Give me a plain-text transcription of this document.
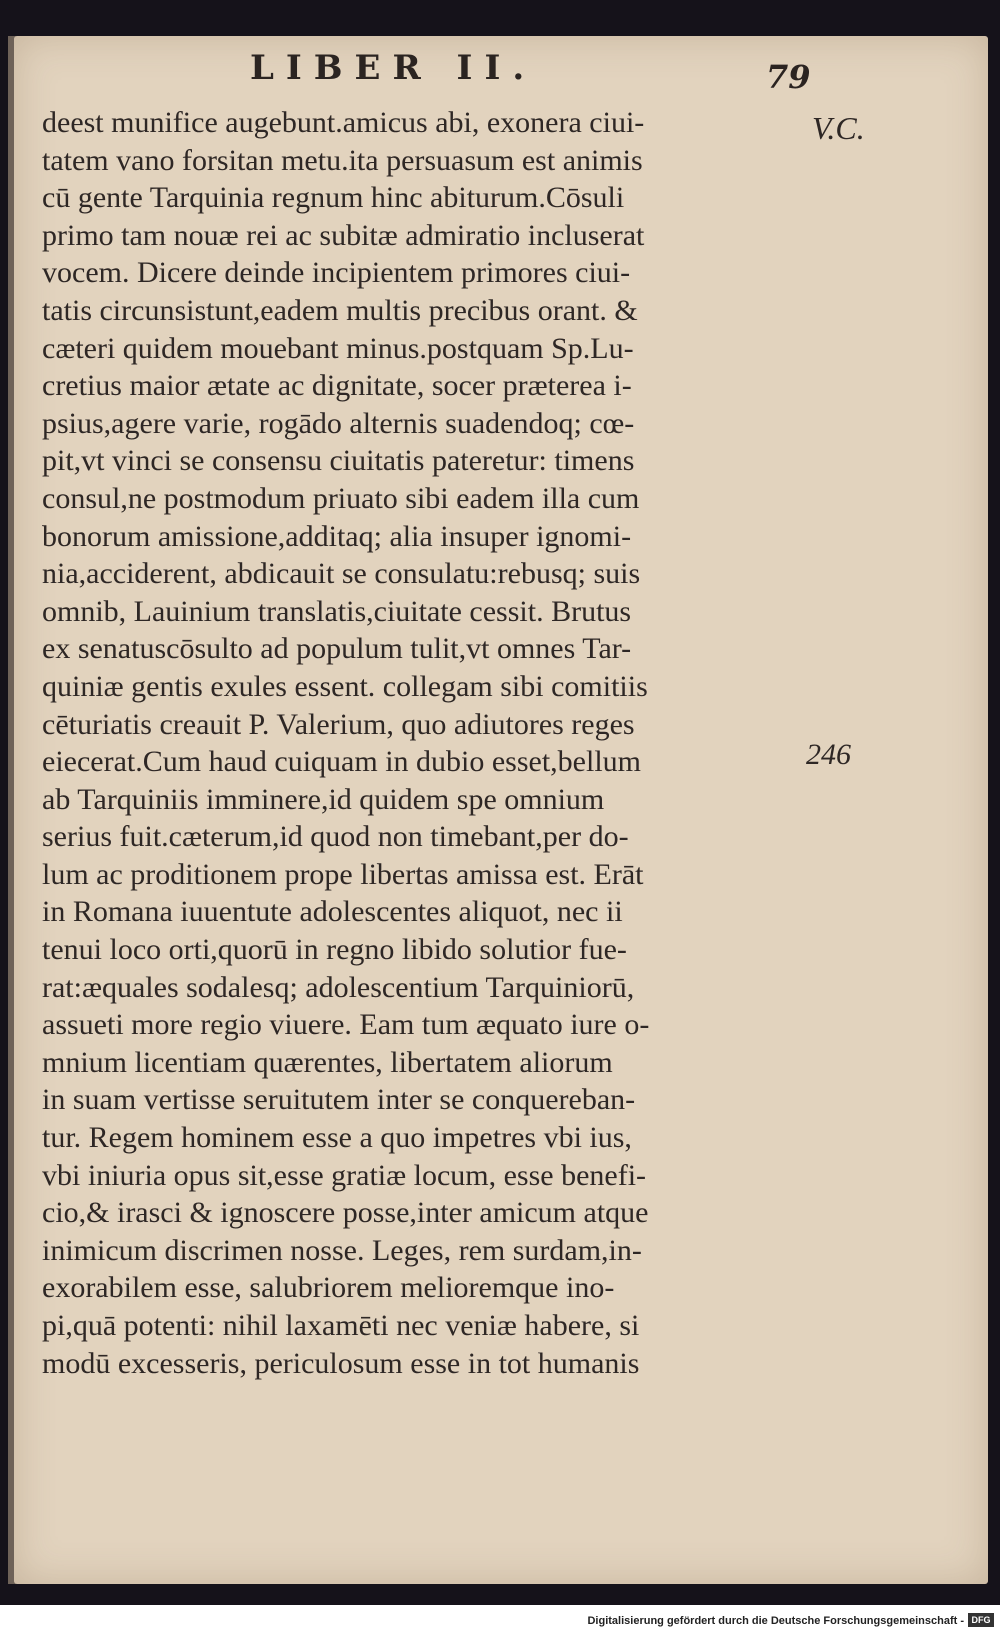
LIBER II.	79
V.C.
246
deest munifice augebunt.amicus abi, exonera ciui-
tatem vano forsitan metu.ita persuasum est animis
cū gente Tarquinia regnum hinc abiturum.Cōsuli
primo tam nouæ rei ac subitæ admiratio incluserat
vocem. Dicere deinde incipientem primores ciui-
tatis circunsistunt,eadem multis precibus orant. &
cæteri quidem mouebant minus.postquam Sp.Lu-
cretius maior ætate ac dignitate, socer præterea i-
psius,agere varie, rogādo alternis suadendoq; cœ-
pit,vt vinci se consensu ciuitatis pateretur: timens
consul,ne postmodum priuato sibi eadem illa cum
bonorum amissione,additaq; alia insuper ignomi-
nia,acciderent, abdicauit se consulatu:rebusq; suis
omnib, Lauinium translatis,ciuitate cessit. Brutus
ex senatuscōsulto ad populum tulit,vt omnes Tar-
quiniæ gentis exules essent. collegam sibi comitiis
cēturiatis creauit P. Valerium, quo adiutores reges
eiecerat.Cum haud cuiquam in dubio esset,bellum
ab Tarquiniis imminere,id quidem spe omnium
serius fuit.cæterum,id quod non timebant,per do-
lum ac proditionem prope libertas amissa est. Erāt
in Romana iuuentute adolescentes aliquot, nec ii
tenui loco orti,quorū in regno libido solutior fue-
rat:æquales sodalesq; adolescentium Tarquiniorū,
assueti more regio viuere. Eam tum æquato iure o-
mnium licentiam quærentes, libertatem aliorum
in suam vertisse seruitutem inter se conquereban-
tur. Regem hominem esse a quo impetres vbi ius,
vbi iniuria opus sit,esse gratiæ locum, esse benefi-
cio,& irasci & ignoscere posse,inter amicum atque
inimicum discrimen nosse. Leges, rem surdam,in-
exorabilem esse, salubriorem melioremque ino-
pi,quā potenti: nihil laxamēti nec veniæ habere, si
modū excesseris, periculosum esse in tot humanis
Digitalisierung gefördert durch die Deutsche Forschungsgemeinschaft - DFG
